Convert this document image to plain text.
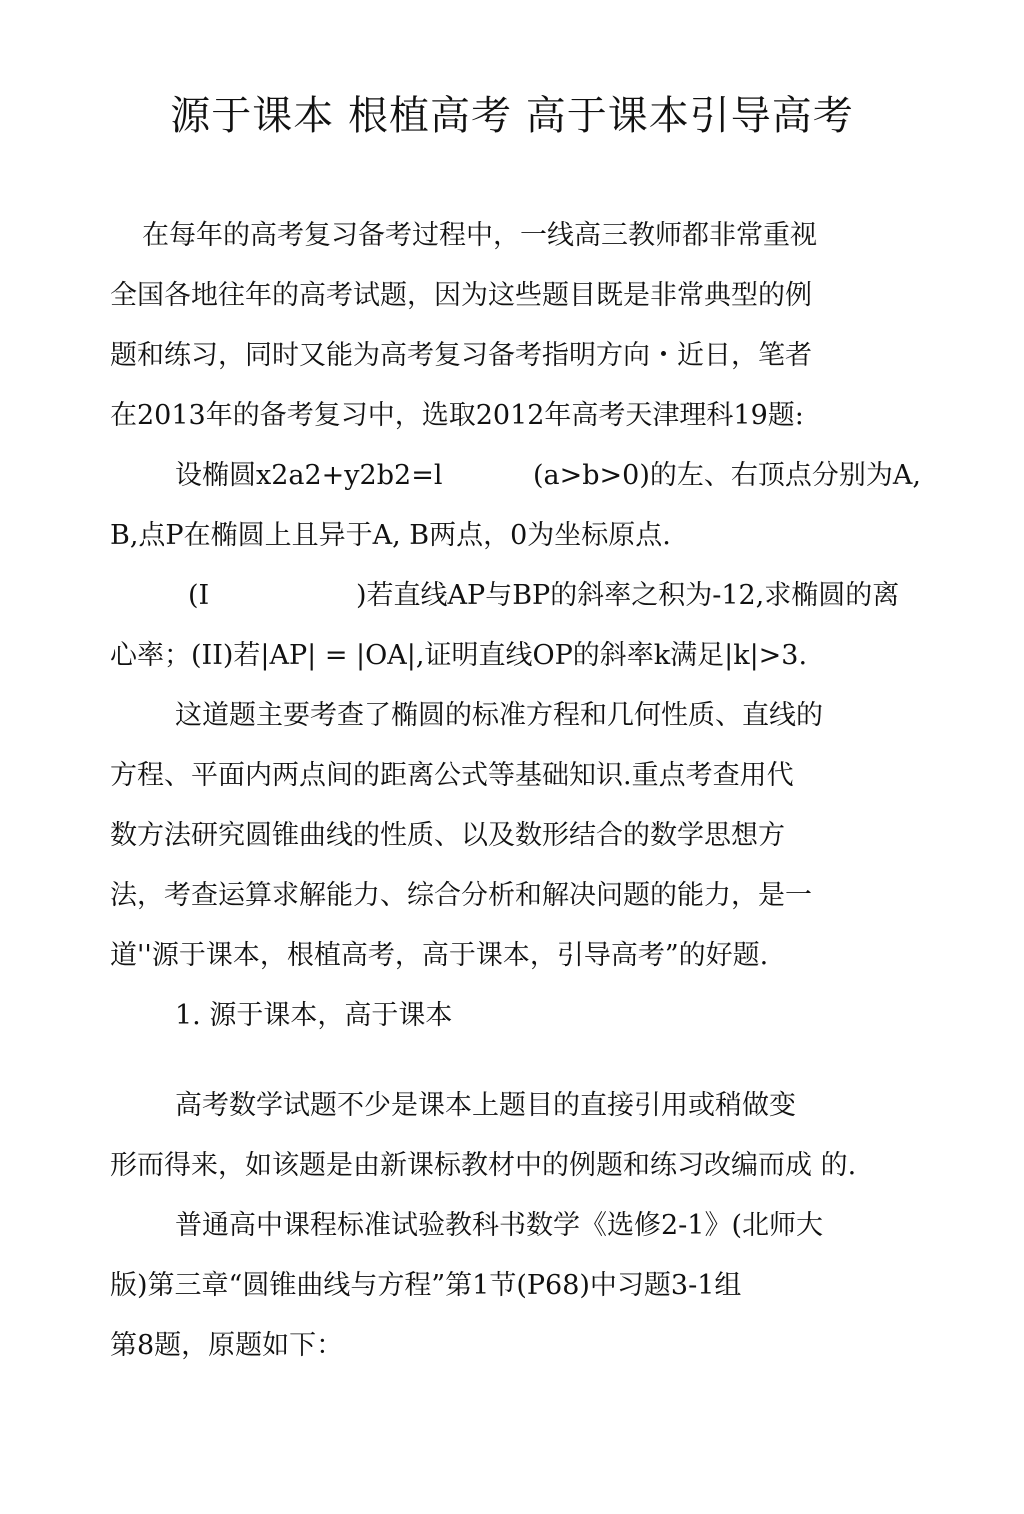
源于课本 根植高考 高于课本引导高考
在每年的高考复习备考过程中，一线高三教师都非常重视
全国各地往年的高考试题，因为这些题目既是非常典型的例
题和练习，同时又能为高考复习备考指明方向・近日，笔者
在2013年的备考复习中，选取2012年高考天津理科19题:
设椭圆x2a2+y2b2=l	(a>b>0)的左、右顶点分别为A,
B,点P在椭圆上且异于A, B两点，0为坐标原点.
(I	)若直线AP与BP的斜率之积为-12,求椭圆的离
心率；(II)若|AP| = |OA|,证明直线OP的斜率k满足|k|>3.
这道题主要考查了椭圆的标准方程和几何性质、直线的
方程、平面内两点间的距离公式等基础知识.重点考查用代
数方法研究圆锥曲线的性质、以及数形结合的数学思想方
法，考查运算求解能力、综合分析和解决问题的能力，是一
道''源于课本，根植高考，高于课本，引导高考”的好题.
1. 源于课本，高于课本
高考数学试题不少是课本上题目的直接引用或稍做变
形而得来，如该题是由新课标教材中的例题和练习改编而成 的.
普通高中课程标准试验教科书数学《选修2-1》(北师大
版)第三章“圆锥曲线与方程”第1节(P68)中习题3-1组
第8题，原题如下：
